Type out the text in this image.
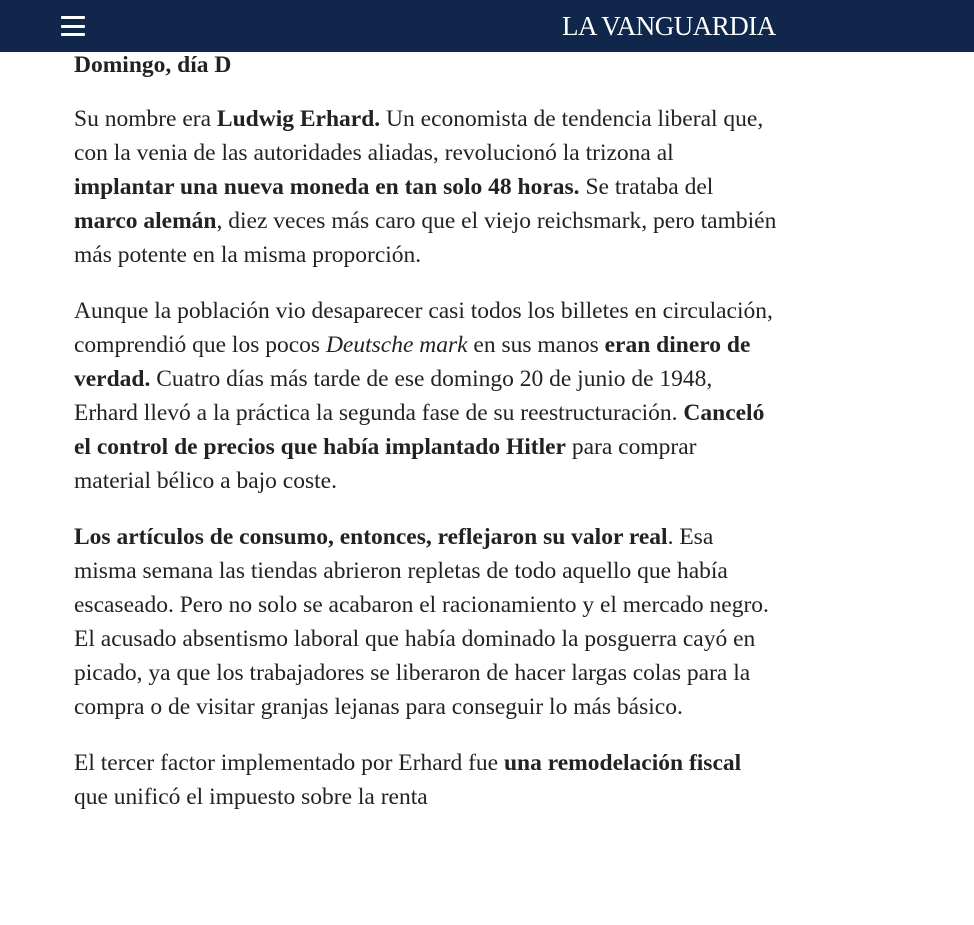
LA VANGUARDIA
Domingo, día D

Su nombre era Ludwig Erhard. Un economista de tendencia liberal que, con la venia de las autoridades aliadas, revolucionó la trizona al implantar una nueva moneda en tan solo 48 horas. Se trataba del marco alemán, diez veces más caro que el viejo reichsmark, pero también más potente en la misma proporción.

Aunque la población vio desaparecer casi todos los billetes en circulación, comprendió que los pocos Deutsche mark en sus manos eran dinero de verdad. Cuatro días más tarde de ese domingo 20 de junio de 1948, Erhard llevó a la práctica la segunda fase de su reestructuración. Canceló el control de precios que había implantado Hitler para comprar material bélico a bajo coste.

Los artículos de consumo, entonces, reflejaron su valor real. Esa misma semana las tiendas abrieron repletas de todo aquello que había escaseado. Pero no solo se acabaron el racionamiento y el mercado negro. El acusado absentismo laboral que había dominado la posguerra cayó en picado, ya que los trabajadores se liberaron de hacer largas colas para la compra o de visitar granjas lejanas para conseguir lo más básico.

El tercer factor implementado por Erhard fue una remodelación fiscal que unificó el impuesto sobre la renta
